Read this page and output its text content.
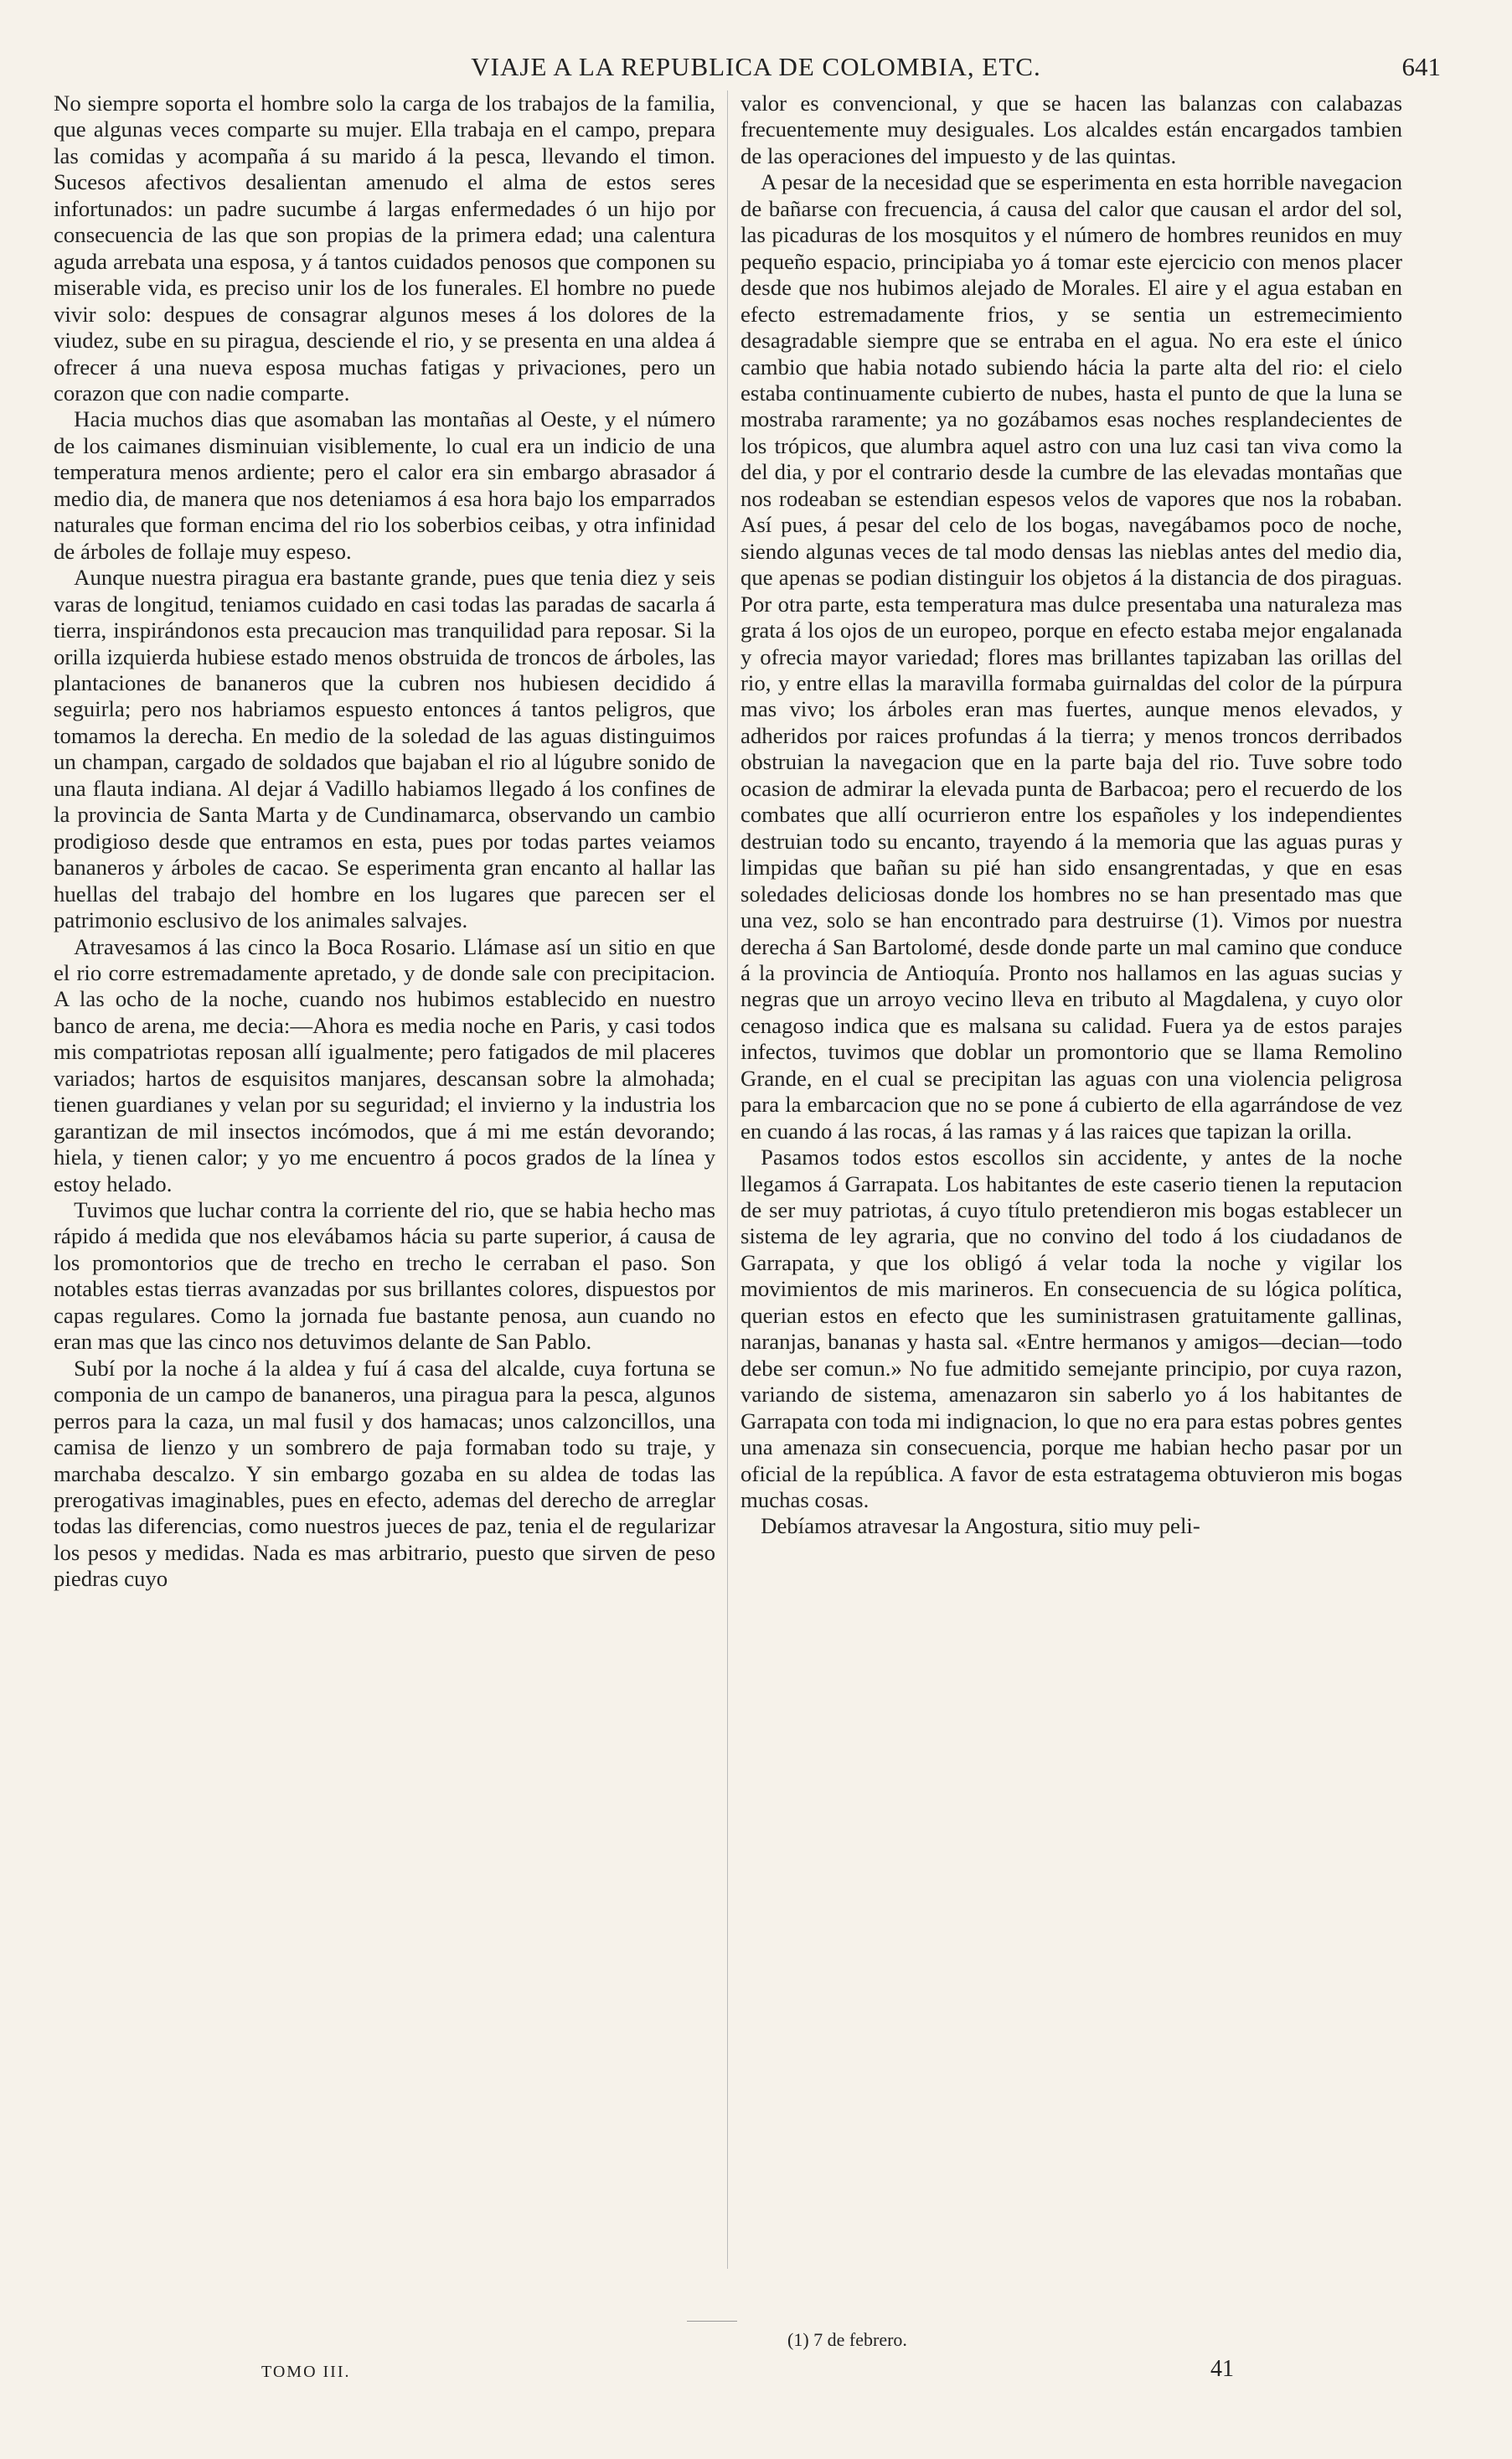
VIAJE A LA REPUBLICA DE COLOMBIA, ETC.	641

No siempre soporta el hombre solo la carga de los trabajos de la familia, que algunas veces comparte su mujer. Ella trabaja en el campo, prepara las comidas y acompaña á su marido á la pesca, llevando el timon. Sucesos afectivos desalientan amenudo el alma de estos seres infortunados: un padre sucumbe á largas enfermedades ó un hijo por consecuencia de las que son propias de la primera edad; una calentura aguda arrebata una esposa, y á tantos cuidados penosos que componen su miserable vida, es preciso unir los de los funerales. El hombre no puede vivir solo: despues de consagrar algunos meses á los dolores de la viudez, sube en su piragua, desciende el rio, y se presenta en una aldea á ofrecer á una nueva esposa muchas fatigas y privaciones, pero un corazon que con nadie comparte.

Hacia muchos dias que asomaban las montañas al Oeste, y el número de los caimanes disminuian visiblemente, lo cual era un indicio de una temperatura menos ardiente; pero el calor era sin embargo abrasador á medio dia, de manera que nos deteniamos á esa hora bajo los emparrados naturales que forman encima del rio los soberbios ceibas, y otra infinidad de árboles de follaje muy espeso.

Aunque nuestra piragua era bastante grande, pues que tenia diez y seis varas de longitud, teniamos cuidado en casi todas las paradas de sacarla á tierra, inspirándonos esta precaucion mas tranquilidad para reposar. Si la orilla izquierda hubiese estado menos obstruida de troncos de árboles, las plantaciones de bananeros que la cubren nos hubiesen decidido á seguirla; pero nos habriamos espuesto entonces á tantos peligros, que tomamos la derecha. En medio de la soledad de las aguas distinguimos un champan, cargado de soldados que bajaban el rio al lúgubre sonido de una flauta indiana. Al dejar á Vadillo habiamos llegado á los confines de la provincia de Santa Marta y de Cundinamarca, observando un cambio prodigioso desde que entramos en esta, pues por todas partes veiamos bananeros y árboles de cacao. Se esperimenta gran encanto al hallar las huellas del trabajo del hombre en los lugares que parecen ser el patrimonio esclusivo de los animales salvajes.

Atravesamos á las cinco la Boca Rosario. Llámase así un sitio en que el rio corre estremadamente apretado, y de donde sale con precipitacion. A las ocho de la noche, cuando nos hubimos establecido en nuestro banco de arena, me decia:—Ahora es media noche en Paris, y casi todos mis compatriotas reposan allí igualmente; pero fatigados de mil placeres variados; hartos de esquisitos manjares, descansan sobre la almohada; tienen guardianes y velan por su seguridad; el invierno y la industria los garantizan de mil insectos incómodos, que á mi me están devorando; hiela, y tienen calor; y yo me encuentro á pocos grados de la línea y estoy helado.

Tuvimos que luchar contra la corriente del rio, que se habia hecho mas rápido á medida que nos elevábamos hácia su parte superior, á causa de los promontorios que de trecho en trecho le cerraban el paso. Son notables estas tierras avanzadas por sus brillantes colores, dispuestos por capas regulares. Como la jornada fue bastante penosa, aun cuando no eran mas que las cinco nos detuvimos delante de San Pablo.

Subí por la noche á la aldea y fuí á casa del alcalde, cuya fortuna se componia de un campo de bananeros, una piragua para la pesca, algunos perros para la caza, un mal fusil y dos hamacas; unos calzoncillos, una camisa de lienzo y un sombrero de paja formaban todo su traje, y marchaba descalzo. Y sin embargo gozaba en su aldea de todas las prerogativas imaginables, pues en efecto, ademas del derecho de arreglar todas las diferencias, como nuestros jueces de paz, tenia el de regularizar los pesos y medidas. Nada es mas arbitrario, puesto que sirven de peso piedras cuyo

valor es convencional, y que se hacen las balanzas con calabazas frecuentemente muy desiguales. Los alcaldes están encargados tambien de las operaciones del impuesto y de las quintas.

A pesar de la necesidad que se esperimenta en esta horrible navegacion de bañarse con frecuencia, á causa del calor que causan el ardor del sol, las picaduras de los mosquitos y el número de hombres reunidos en muy pequeño espacio, principiaba yo á tomar este ejercicio con menos placer desde que nos hubimos alejado de Morales. El aire y el agua estaban en efecto estremadamente frios, y se sentia un estremecimiento desagradable siempre que se entraba en el agua. No era este el único cambio que habia notado subiendo hácia la parte alta del rio: el cielo estaba continuamente cubierto de nubes, hasta el punto de que la luna se mostraba raramente; ya no gozábamos esas noches resplandecientes de los trópicos, que alumbra aquel astro con una luz casi tan viva como la del dia, y por el contrario desde la cumbre de las elevadas montañas que nos rodeaban se estendian espesos velos de vapores que nos la robaban. Así pues, á pesar del celo de los bogas, navegábamos poco de noche, siendo algunas veces de tal modo densas las nieblas antes del medio dia, que apenas se podian distinguir los objetos á la distancia de dos piraguas. Por otra parte, esta temperatura mas dulce presentaba una naturaleza mas grata á los ojos de un europeo, porque en efecto estaba mejor engalanada y ofrecia mayor variedad; flores mas brillantes tapizaban las orillas del rio, y entre ellas la maravilla formaba guirnaldas del color de la púrpura mas vivo; los árboles eran mas fuertes, aunque menos elevados, y adheridos por raices profundas á la tierra; y menos troncos derribados obstruian la navegacion que en la parte baja del rio. Tuve sobre todo ocasion de admirar la elevada punta de Barbacoa; pero el recuerdo de los combates que allí ocurrieron entre los españoles y los independientes destruian todo su encanto, trayendo á la memoria que las aguas puras y limpidas que bañan su pié han sido ensangrentadas, y que en esas soledades deliciosas donde los hombres no se han presentado mas que una vez, solo se han encontrado para destruirse (1). Vimos por nuestra derecha á San Bartolomé, desde donde parte un mal camino que conduce á la provincia de Antioquía. Pronto nos hallamos en las aguas sucias y negras que un arroyo vecino lleva en tributo al Magdalena, y cuyo olor cenagoso indica que es malsana su calidad. Fuera ya de estos parajes infectos, tuvimos que doblar un promontorio que se llama Remolino Grande, en el cual se precipitan las aguas con una violencia peligrosa para la embarcacion que no se pone á cubierto de ella agarrándose de vez en cuando á las rocas, á las ramas y á las raices que tapizan la orilla.

Pasamos todos estos escollos sin accidente, y antes de la noche llegamos á Garrapata. Los habitantes de este caserio tienen la reputacion de ser muy patriotas, á cuyo título pretendieron mis bogas establecer un sistema de ley agraria, que no convino del todo á los ciudadanos de Garrapata, y que los obligó á velar toda la noche y vigilar los movimientos de mis marineros. En consecuencia de su lógica política, querian estos en efecto que les suministrasen gratuitamente gallinas, naranjas, bananas y hasta sal. «Entre hermanos y amigos—decian—todo debe ser comun.» No fue admitido semejante principio, por cuya razon, variando de sistema, amenazaron sin saberlo yo á los habitantes de Garrapata con toda mi indignacion, lo que no era para estas pobres gentes una amenaza sin consecuencia, porque me habian hecho pasar por un oficial de la república. A favor de esta estratagema obtuvieron mis bogas muchas cosas.

Debíamos atravesar la Angostura, sitio muy peli-

(1) 7 de febrero.
TOMO III.	41
